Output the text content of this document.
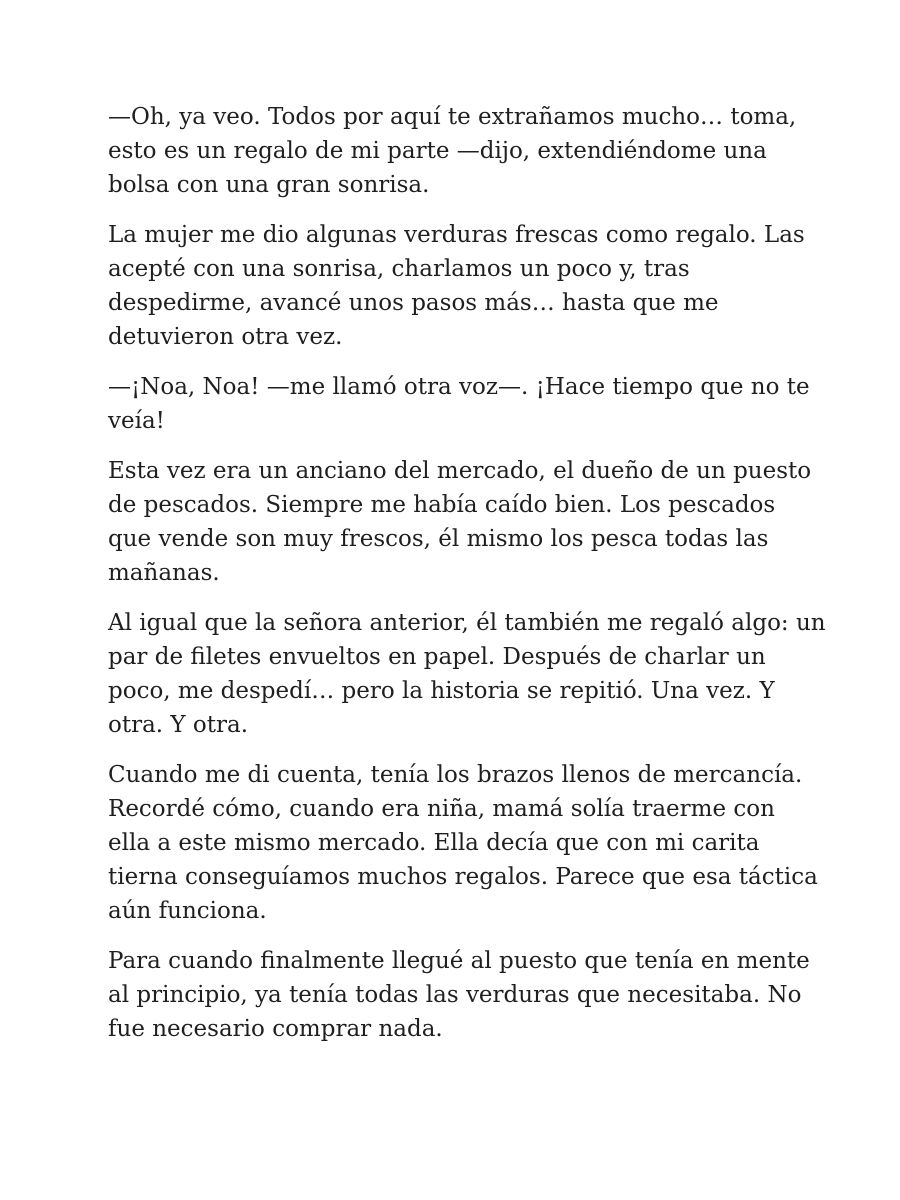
—Oh, ya veo. Todos por aquí te extrañamos mucho… toma,
esto es un regalo de mi parte —dijo, extendiéndome una
bolsa con una gran sonrisa.

La mujer me dio algunas verduras frescas como regalo. Las
acepté con una sonrisa, charlamos un poco y, tras
despedirme, avancé unos pasos más… hasta que me
detuvieron otra vez.

—¡Noa, Noa! —me llamó otra voz—. ¡Hace tiempo que no te
veía!

Esta vez era un anciano del mercado, el dueño de un puesto
de pescados. Siempre me había caído bien. Los pescados
que vende son muy frescos, él mismo los pesca todas las
mañanas.

Al igual que la señora anterior, él también me regaló algo: un
par de filetes envueltos en papel. Después de charlar un
poco, me despedí… pero la historia se repitió. Una vez. Y
otra. Y otra.

Cuando me di cuenta, tenía los brazos llenos de mercancía.
Recordé cómo, cuando era niña, mamá solía traerme con
ella a este mismo mercado. Ella decía que con mi carita
tierna conseguíamos muchos regalos. Parece que esa táctica
aún funciona.

Para cuando finalmente llegué al puesto que tenía en mente
al principio, ya tenía todas las verduras que necesitaba. No
fue necesario comprar nada.
